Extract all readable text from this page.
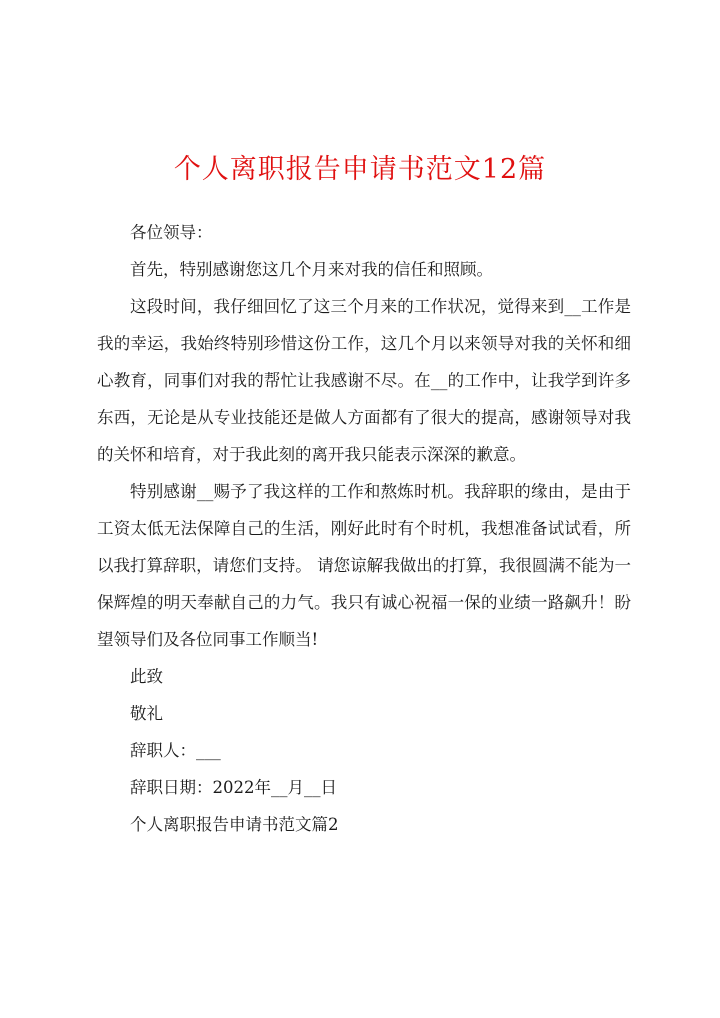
个人离职报告申请书范文12篇

各位领导：

首先，特别感谢您这几个月来对我的信任和照顾。

这段时间，我仔细回忆了这三个月来的工作状况，觉得来到__工作是我的幸运，我始终特别珍惜这份工作，这几个月以来领导对我的关怀和细心教育，同事们对我的帮忙让我感谢不尽。在__的工作中，让我学到许多东西，无论是从专业技能还是做人方面都有了很大的提高，感谢领导对我的关怀和培育，对于我此刻的离开我只能表示深深的歉意。

特别感谢__赐予了我这样的工作和熬炼时机。我辞职的缘由，是由于工资太低无法保障自己的生活，刚好此时有个时机，我想准备试试看，所以我打算辞职，请您们支持。 请您谅解我做出的打算，我很圆满不能为一保辉煌的明天奉献自己的力气。我只有诚心祝福一保的业绩一路飙升！盼望领导们及各位同事工作顺当!

此致

敬礼

辞职人：___

辞职日期：2022年__月__日

个人离职报告申请书范文篇2
